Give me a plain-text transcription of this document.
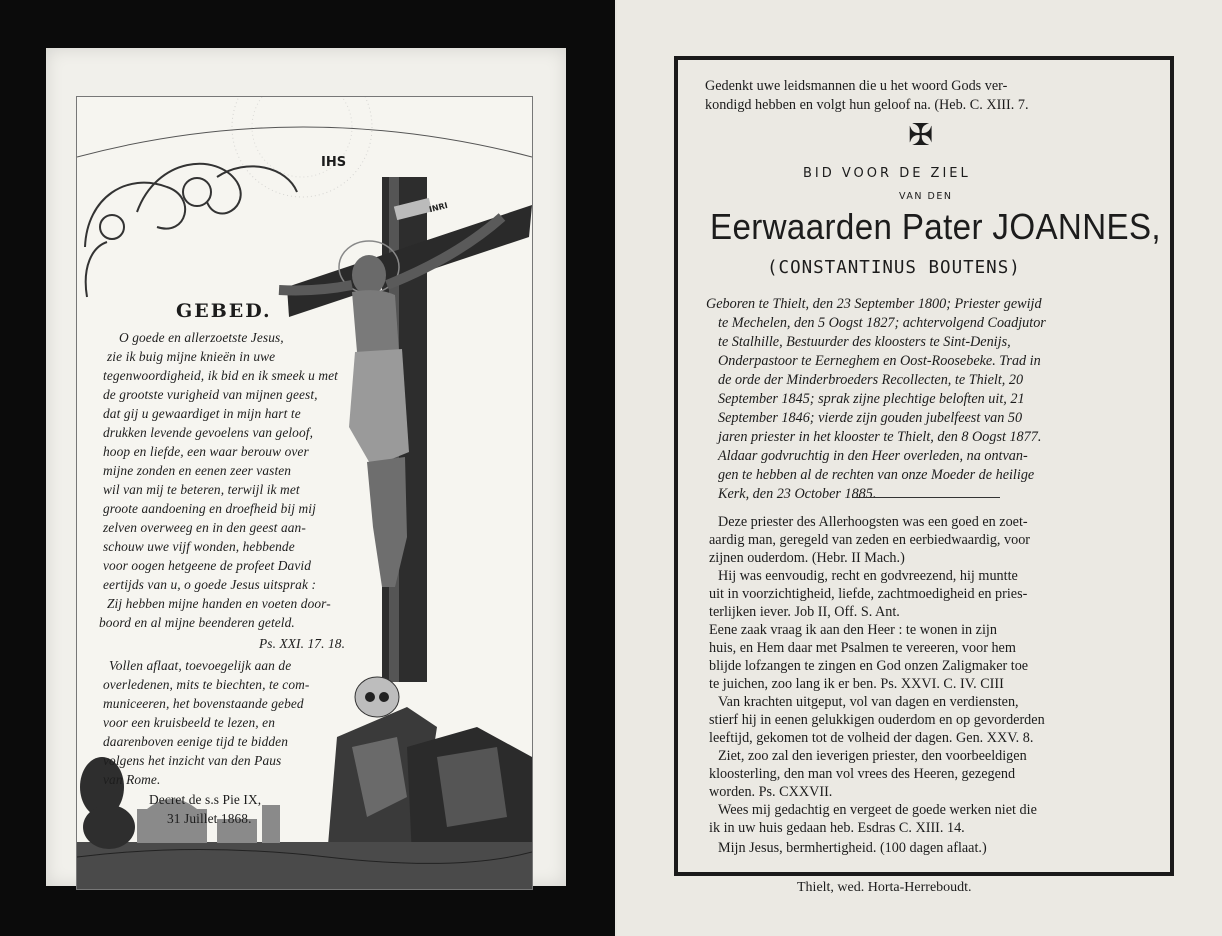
IHS
INRI
GEBED.
O goede en allerzoetste Jesus,
zie ik buig mijne knieën in uwe
tegenwoordigheid, ik bid en ik smeek u met
de grootste vurigheid van mijnen geest,
dat gij u gewaardiget in mijn hart te
drukken levende gevoelens van geloof,
hoop en liefde, een waar berouw over
mijne zonden en eenen zeer vasten
wil van mij te beteren, terwijl ik met
groote aandoening en droefheid bij mij
zelven overweeg en in den geest aan-
schouw uwe vijf wonden, hebbende
voor oogen hetgeene de profeet David
eertijds van u, o goede Jesus uitsprak :
Zij hebben mijne handen en voeten door-
boord en al mijne beenderen geteld.
Ps. XXI. 17. 18.
Vollen aflaat, toevoegelijk aan de
overledenen, mits te biechten, te com-
municeeren, het bovenstaande gebed
voor een kruisbeeld te lezen, en
daarenboven eenige tijd te bidden
volgens het inzicht van den Paus
van Rome.
Decret de s.s Pie IX,
31 Juillet 1868.
Gedenkt uwe leidsmannen die u het woord Gods ver-
kondigd hebben en volgt hun geloof na. (Heb. C. XIII. 7.
✠
BID VOOR DE ZIEL
VAN DEN
Eerwaarden Pater JOANNES,
(CONSTANTINUS BOUTENS)
Geboren te Thielt, den 23 September 1800; Priester gewijd
te Mechelen, den 5 Oogst 1827; achtervolgend Coadjutor
te Stalhille, Bestuurder des kloosters te Sint-Denijs,
Onderpastoor te Eerneghem en Oost-Roosebeke. Trad in
de orde der Minderbroeders Recollecten, te Thielt, 20
September 1845; sprak zijne plechtige beloften uit, 21
September 1846; vierde zijn gouden jubelfeest van 50
jaren priester in het klooster te Thielt, den 8 Oogst 1877.
Aldaar godvruchtig in den Heer overleden, na ontvan-
gen te hebben al de rechten van onze Moeder de heilige
Kerk, den 23 October 1885.
Deze priester des Allerhoogsten was een goed en zoet-
aardig man, geregeld van zeden en eerbiedwaardig, voor
zijnen ouderdom. (Hebr. II Mach.)
Hij was eenvoudig, recht en godvreezend, hij muntte
uit in voorzichtigheid, liefde, zachtmoedigheid en pries-
terlijken iever. Job II, Off. S. Ant.
Eene zaak vraag ik aan den Heer : te wonen in zijn
huis, en Hem daar met Psalmen te vereeren, voor hem
blijde lofzangen te zingen en God onzen Zaligmaker toe
te juichen, zoo lang ik er ben. Ps. XXVI. C. IV. CIII
Van krachten uitgeput, vol van dagen en verdiensten,
stierf hij in eenen gelukkigen ouderdom en op gevorderden
leeftijd, gekomen tot de volheid der dagen. Gen. XXV. 8.
Ziet, zoo zal den ieverigen priester, den voorbeeldigen
kloosterling, den man vol vrees des Heeren, gezegend
worden. Ps. CXXVII.
Wees mij gedachtig en vergeet de goede werken niet die
ik in uw huis gedaan heb. Esdras C. XIII. 14.
Mijn Jesus, bermhertigheid. (100 dagen aflaat.)
Thielt, wed. Horta-Herreboudt.
